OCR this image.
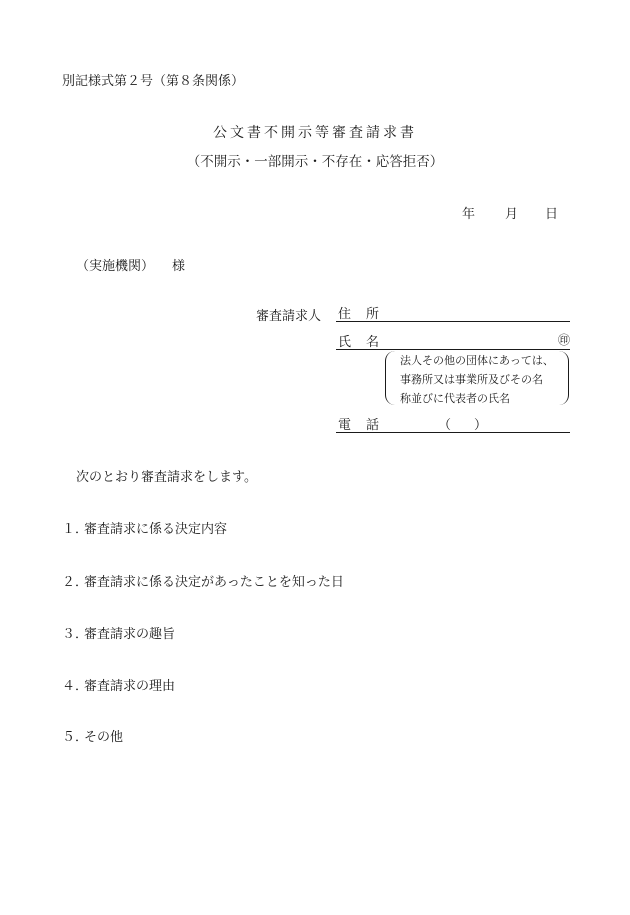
別記様式第２号（第８条関係）
公文書不開示等審査請求書
（不開示・一部開示・不存在・応答拒否）
年 月 日
（実施機関） 様
審査請求人 住 所
氏 名	㊞
法人その他の団体にあっては、
事務所又は事業所及びその名
称並びに代表者の氏名
電 話	（ ）
次のとおり審査請求をします。
１．審査請求に係る決定内容
２．審査請求に係る決定があったことを知った日
３．審査請求の趣旨
４．審査請求の理由
５．その他
